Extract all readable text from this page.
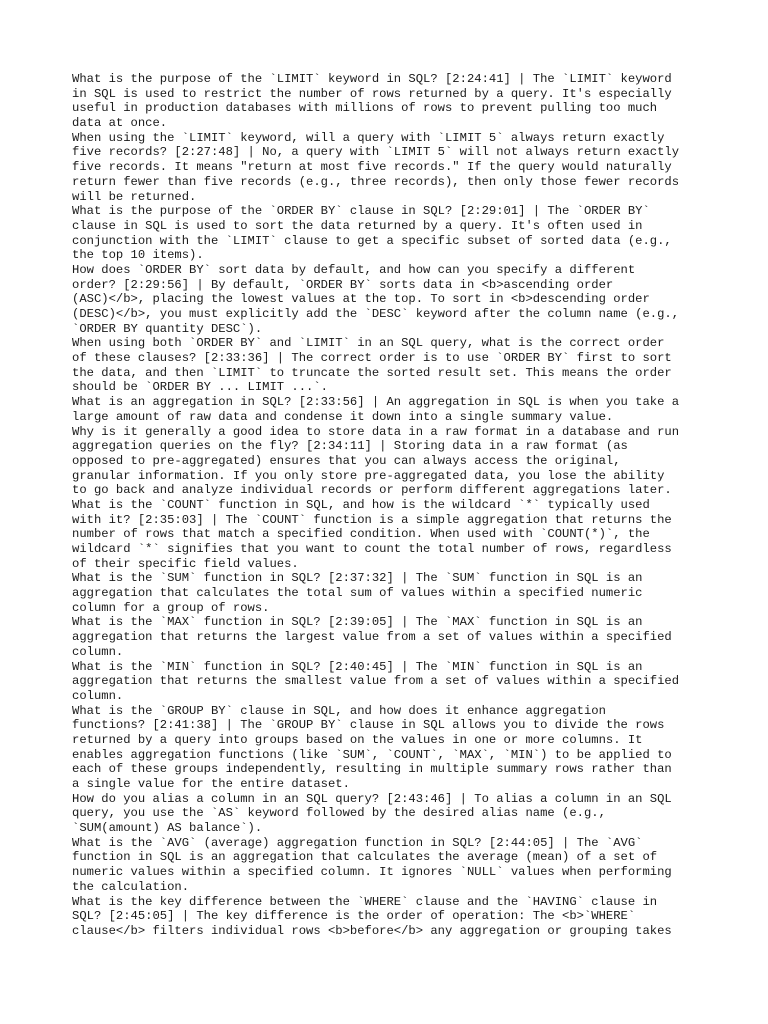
What is the purpose of the `LIMIT` keyword in SQL? [2:24:41] | The `LIMIT` keyword
in SQL is used to restrict the number of rows returned by a query. It's especially
useful in production databases with millions of rows to prevent pulling too much
data at once.
When using the `LIMIT` keyword, will a query with `LIMIT 5` always return exactly
five records? [2:27:48] | No, a query with `LIMIT 5` will not always return exactly
five records. It means "return at most five records." If the query would naturally
return fewer than five records (e.g., three records), then only those fewer records
will be returned.
What is the purpose of the `ORDER BY` clause in SQL? [2:29:01] | The `ORDER BY`
clause in SQL is used to sort the data returned by a query. It's often used in
conjunction with the `LIMIT` clause to get a specific subset of sorted data (e.g.,
the top 10 items).
How does `ORDER BY` sort data by default, and how can you specify a different
order? [2:29:56] | By default, `ORDER BY` sorts data in <b>ascending order
(ASC)</b>, placing the lowest values at the top. To sort in <b>descending order
(DESC)</b>, you must explicitly add the `DESC` keyword after the column name (e.g.,
`ORDER BY quantity DESC`).
When using both `ORDER BY` and `LIMIT` in an SQL query, what is the correct order
of these clauses? [2:33:36] | The correct order is to use `ORDER BY` first to sort
the data, and then `LIMIT` to truncate the sorted result set. This means the order
should be `ORDER BY ... LIMIT ...`.
What is an aggregation in SQL? [2:33:56] | An aggregation in SQL is when you take a
large amount of raw data and condense it down into a single summary value.
Why is it generally a good idea to store data in a raw format in a database and run
aggregation queries on the fly? [2:34:11] | Storing data in a raw format (as
opposed to pre-aggregated) ensures that you can always access the original,
granular information. If you only store pre-aggregated data, you lose the ability
to go back and analyze individual records or perform different aggregations later.
What is the `COUNT` function in SQL, and how is the wildcard `*` typically used
with it? [2:35:03] | The `COUNT` function is a simple aggregation that returns the
number of rows that match a specified condition. When used with `COUNT(*)`, the
wildcard `*` signifies that you want to count the total number of rows, regardless
of their specific field values.
What is the `SUM` function in SQL? [2:37:32] | The `SUM` function in SQL is an
aggregation that calculates the total sum of values within a specified numeric
column for a group of rows.
What is the `MAX` function in SQL? [2:39:05] | The `MAX` function in SQL is an
aggregation that returns the largest value from a set of values within a specified
column.
What is the `MIN` function in SQL? [2:40:45] | The `MIN` function in SQL is an
aggregation that returns the smallest value from a set of values within a specified
column.
What is the `GROUP BY` clause in SQL, and how does it enhance aggregation
functions? [2:41:38] | The `GROUP BY` clause in SQL allows you to divide the rows
returned by a query into groups based on the values in one or more columns. It
enables aggregation functions (like `SUM`, `COUNT`, `MAX`, `MIN`) to be applied to
each of these groups independently, resulting in multiple summary rows rather than
a single value for the entire dataset.
How do you alias a column in an SQL query? [2:43:46] | To alias a column in an SQL
query, you use the `AS` keyword followed by the desired alias name (e.g.,
`SUM(amount) AS balance`).
What is the `AVG` (average) aggregation function in SQL? [2:44:05] | The `AVG`
function in SQL is an aggregation that calculates the average (mean) of a set of
numeric values within a specified column. It ignores `NULL` values when performing
the calculation.
What is the key difference between the `WHERE` clause and the `HAVING` clause in
SQL? [2:45:05] | The key difference is the order of operation: The <b>`WHERE`
clause</b> filters individual rows <b>before</b> any aggregation or grouping takes
